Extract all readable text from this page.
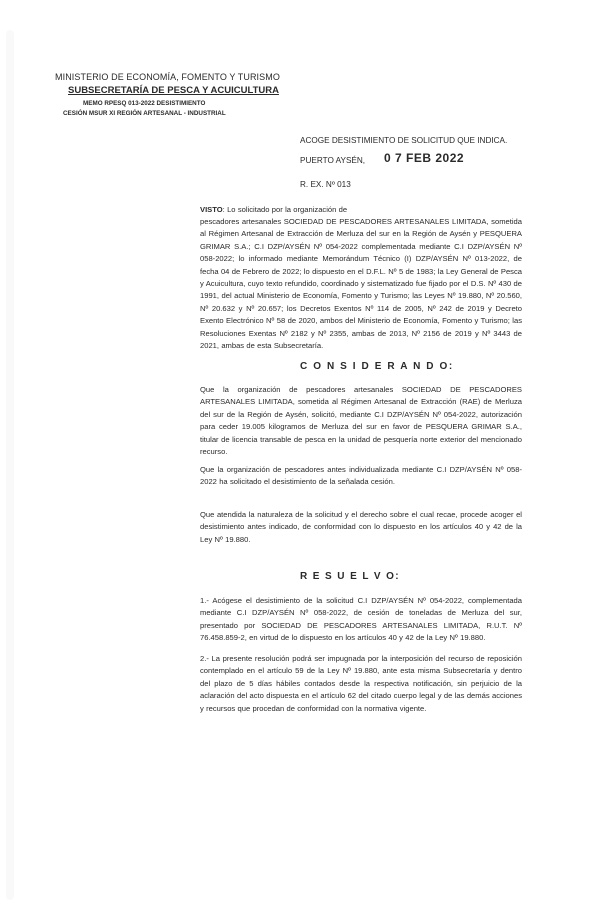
MINISTERIO DE ECONOMÍA, FOMENTO Y TURISMO
SUBSECRETARÍA DE PESCA Y ACUICULTURA
MEMO RPESQ 013-2022 DESISTIMIENTO
CESIÓN MSUR XI REGIÓN ARTESANAL - INDUSTRIAL
ACOGE DESISTIMIENTO DE SOLICITUD QUE INDICA.
PUERTO AYSÉN, 0 7 FEB 2022
R. EX. Nº 013
VISTO: Lo solicitado por la organización de
pescadores artesanales SOCIEDAD DE PESCADORES ARTESANALES LIMITADA, sometida al Régimen Artesanal de Extracción de Merluza del sur en la Región de Aysén y PESQUERA GRIMAR S.A.; C.I DZP/AYSÉN Nº 054-2022 complementada mediante C.I DZP/AYSÉN Nº 058-2022; lo informado mediante Memorándum Técnico (I) DZP/AYSÉN Nº 013-2022, de fecha 04 de Febrero de 2022; lo dispuesto en el D.F.L. Nº 5 de 1983; la Ley General de Pesca y Acuicultura, cuyo texto refundido, coordinado y sistematizado fue fijado por el D.S. Nº 430 de 1991, del actual Ministerio de Economía, Fomento y Turismo; las Leyes Nº 19.880, Nº 20.560, Nº 20.632 y Nº 20.657; los Decretos Exentos Nº 114 de 2005, Nº 242 de 2019 y Decreto Exento Electrónico Nº 58 de 2020, ambos del Ministerio de Economía, Fomento y Turismo; las Resoluciones Exentas Nº 2182 y Nº 2355, ambas de 2013, Nº 2156 de 2019 y Nº 3443 de 2021, ambas de esta Subsecretaría.
C O N S I D E R A N D O:
Que la organización de pescadores artesanales SOCIEDAD DE PESCADORES ARTESANALES LIMITADA, sometida al Régimen Artesanal de Extracción (RAE) de Merluza del sur de la Región de Aysén, solicitó, mediante C.I DZP/AYSÉN Nº 054-2022, autorización para ceder 19.005 kilogramos de Merluza del sur en favor de PESQUERA GRIMAR S.A., titular de licencia transable de pesca en la unidad de pesquería norte exterior del mencionado recurso.
Que la organización de pescadores antes individualizada mediante C.I DZP/AYSÉN Nº 058-2022 ha solicitado el desistimiento de la señalada cesión.
Que atendida la naturaleza de la solicitud y el derecho sobre el cual recae, procede acoger el desistimiento antes indicado, de conformidad con lo dispuesto en los artículos 40 y 42 de la Ley Nº 19.880.
R E S U E L V O:
1.- Acógese el desistimiento de la solicitud C.I DZP/AYSÉN Nº 054-2022, complementada mediante C.I DZP/AYSÉN Nº 058-2022, de cesión de toneladas de Merluza del sur, presentado por SOCIEDAD DE PESCADORES ARTESANALES LIMITADA, R.U.T. Nº 76.458.859-2, en virtud de lo dispuesto en los artículos 40 y 42 de la Ley Nº 19.880.
2.- La presente resolución podrá ser impugnada por la interposición del recurso de reposición contemplado en el artículo 59 de la Ley Nº 19.880, ante esta misma Subsecretaría y dentro del plazo de 5 días hábiles contados desde la respectiva notificación, sin perjuicio de la aclaración del acto dispuesta en el artículo 62 del citado cuerpo legal y de las demás acciones y recursos que procedan de conformidad con la normativa vigente.
